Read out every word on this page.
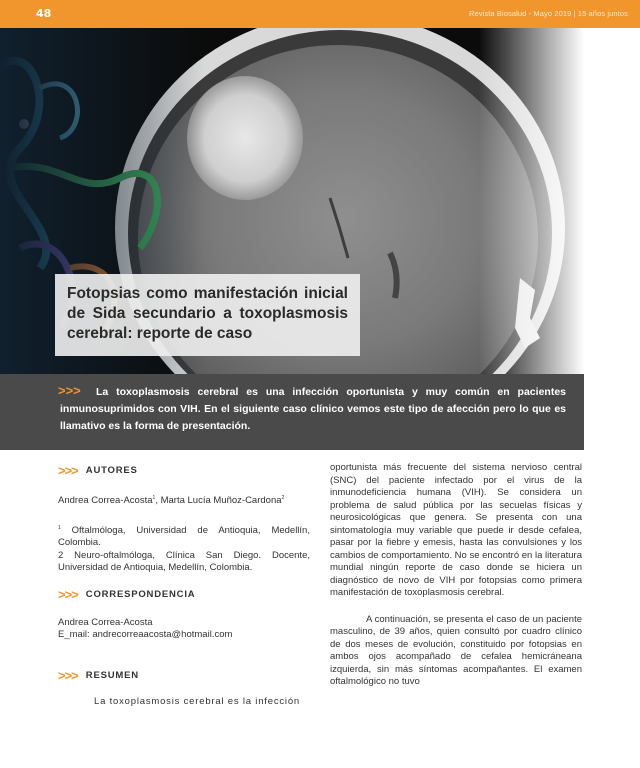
48	Revista Biosalud - Mayo 2019 | 15 años juntos
Fotopsias como manifestación inicial de Sida secundario a toxoplasmosis cerebral: reporte de caso
>>>	La toxoplasmosis cerebral es una infección oportunista y muy común en pacientes inmunosuprimidos con VIH. En el siguiente caso clínico vemos este tipo de afección pero lo que es llamativo es la forma de presentación.
>>> AUTORES
Andrea Correa-Acosta$^1$, Marta Lucía Muñoz-Cardona$^2$
$^1$ Oftalmóloga, Universidad de Antioquia, Medellín, Colombia.
2 Neuro-oftalmóloga, Clínica San Diego. Docente, Universidad de Antioquia, Medellín, Colombia.
>>> CORRESPONDENCIA
Andrea Correa-Acosta
E_mail: andrecorreaacosta@hotmail.com
>>> RESUMEN
La toxoplasmosis cerebral es la infección
oportunista más frecuente del sistema nervioso central (SNC) del paciente infectado por el virus de la inmunodeficiencia humana (VIH). Se considera un problema de salud pública por las secuelas físicas y neurosicológicas que genera. Se presenta con una sintomatología muy variable que puede ir desde cefalea, pasar por la fiebre y emesis, hasta las convulsiones y los cambios de comportamiento. No se encontró en la literatura mundial ningún reporte de caso donde se hiciera un diagnóstico de novo de VIH por fotopsias como primera manifestación de toxoplasmosis cerebral.
A continuación, se presenta el caso de un paciente masculino, de 39 años, quien consultó por cuadro clínico de dos meses de evolución, constituido por fotopsias en ambos ojos acompañado de cefalea hemicráneana izquierda, sin más síntomas acompañantes. El examen oftalmológico no tuvo
